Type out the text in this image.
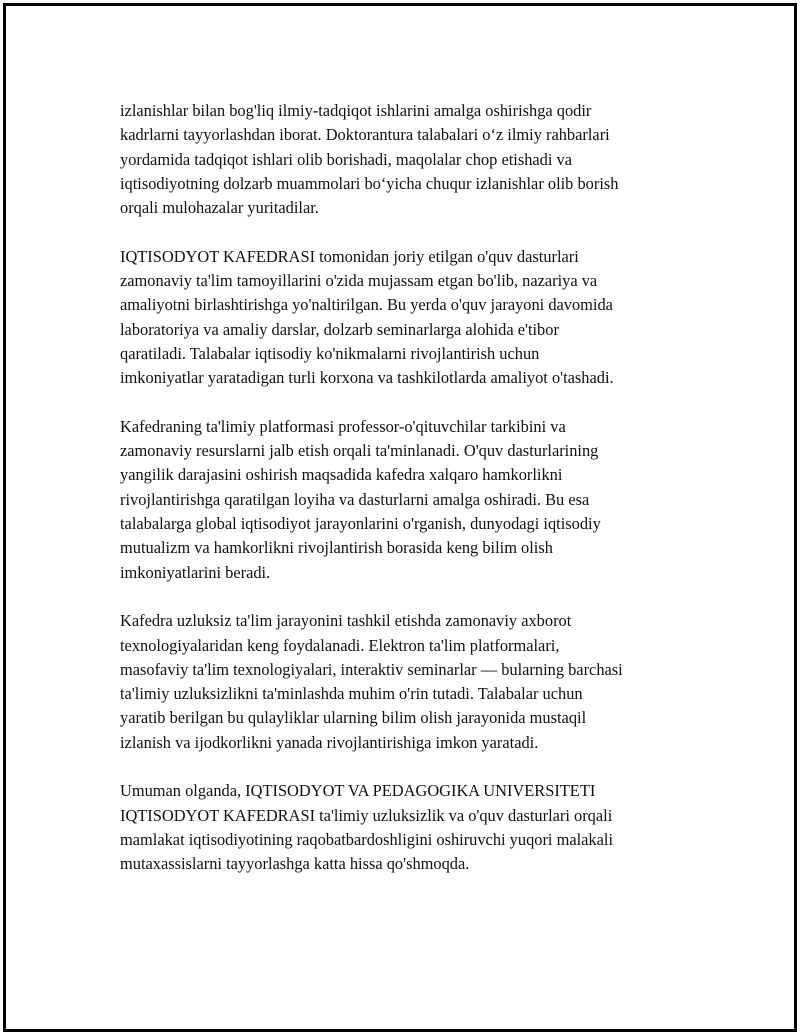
izlanishlar bilan bog'liq ilmiy-tadqiqot ishlarini amalga oshirishga qodir
kadrlarni tayyorlashdan iborat. Doktorantura talabalari o‘z ilmiy rahbarlari
yordamida tadqiqot ishlari olib borishadi, maqolalar chop etishadi va
iqtisodiyotning dolzarb muammolari bo‘yicha chuqur izlanishlar olib borish
orqali mulohazalar yuritadilar.

IQTISODYOT KAFEDRASI tomonidan joriy etilgan o'quv dasturlari
zamonaviy ta'lim tamoyillarini o'zida mujassam etgan bo'lib, nazariya va
amaliyotni birlashtirishga yo'naltirilgan. Bu yerda o'quv jarayoni davomida
laboratoriya va amaliy darslar, dolzarb seminarlarga alohida e'tibor
qaratiladi. Talabalar iqtisodiy ko'nikmalarni rivojlantirish uchun
imkoniyatlar yaratadigan turli korxona va tashkilotlarda amaliyot o'tashadi.

Kafedraning ta'limiy platformasi professor-o'qituvchilar tarkibini va
zamonaviy resurslarni jalb etish orqali ta'minlanadi. O'quv dasturlarining
yangilik darajasini oshirish maqsadida kafedra xalqaro hamkorlikni
rivojlantirishga qaratilgan loyiha va dasturlarni amalga oshiradi. Bu esa
talabalarga global iqtisodiyot jarayonlarini o'rganish, dunyodagi iqtisodiy
mutualizm va hamkorlikni rivojlantirish borasida keng bilim olish
imkoniyatlarini beradi.

Kafedra uzluksiz ta'lim jarayonini tashkil etishda zamonaviy axborot
texnologiyalaridan keng foydalanadi. Elektron ta'lim platformalari,
masofaviy ta'lim texnologiyalari, interaktiv seminarlar — bularning barchasi
ta'limiy uzluksizlikni ta'minlashda muhim o'rin tutadi. Talabalar uchun
yaratib berilgan bu qulayliklar ularning bilim olish jarayonida mustaqil
izlanish va ijodkorlikni yanada rivojlantirishiga imkon yaratadi.

Umuman olganda, IQTISODYOT VA PEDAGOGIKA UNIVERSITETI
IQTISODYOT KAFEDRASI ta'limiy uzluksizlik va o'quv dasturlari orqali
mamlakat iqtisodiyotining raqobatbardoshligini oshiruvchi yuqori malakali
mutaxassislarni tayyorlashga katta hissa qo'shmoqda.
